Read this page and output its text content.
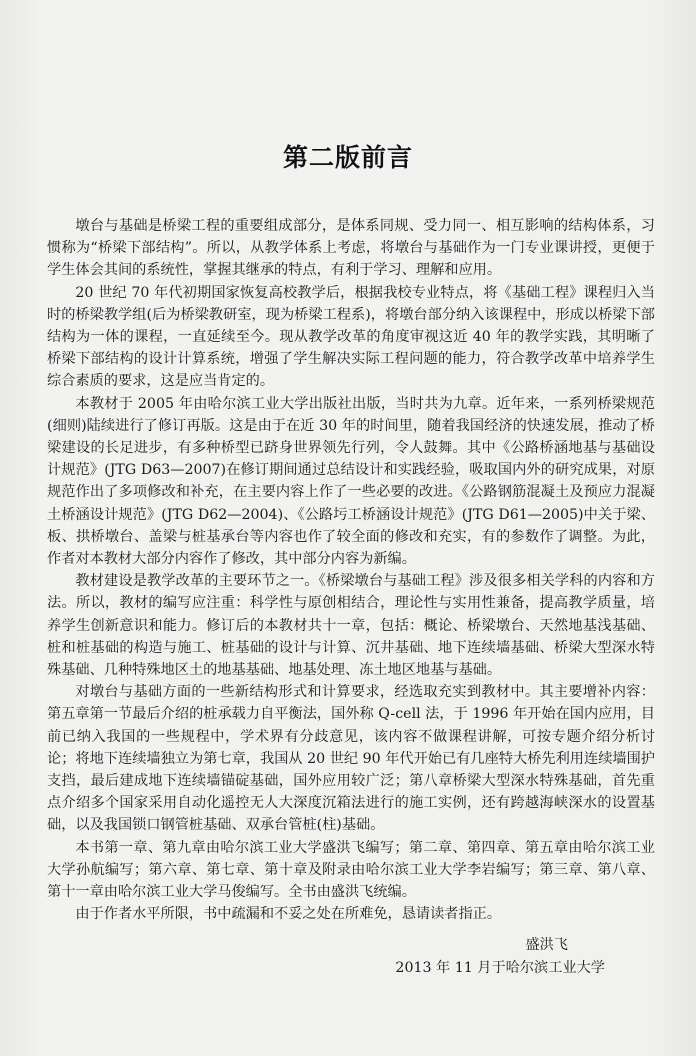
第二版前言

墩台与基础是桥梁工程的重要组成部分，是体系同规、受力同一、相互影响的结构体系，习惯称为“桥梁下部结构”。所以，从教学体系上考虑，将墩台与基础作为一门专业课讲授，更便于学生体会其间的系统性，掌握其继承的特点，有利于学习、理解和应用。

20 世纪 70 年代初期国家恢复高校教学后，根据我校专业特点，将《基础工程》课程归入当时的桥梁教学组(后为桥梁教研室，现为桥梁工程系)，将墩台部分纳入该课程中，形成以桥梁下部结构为一体的课程，一直延续至今。现从教学改革的角度审视这近 40 年的教学实践，其明晰了桥梁下部结构的设计计算系统，增强了学生解决实际工程问题的能力，符合教学改革中培养学生综合素质的要求，这是应当肯定的。

本教材于 2005 年由哈尔滨工业大学出版社出版，当时共为九章。近年来，一系列桥梁规范(细则)陆续进行了修订再版。这是由于在近 30 年的时间里，随着我国经济的快速发展，推动了桥梁建设的长足进步，有多种桥型已跻身世界领先行列，令人鼓舞。其中《公路桥涵地基与基础设计规范》(JTG D63—2007)在修订期间通过总结设计和实践经验，吸取国内外的研究成果，对原规范作出了多项修改和补充，在主要内容上作了一些必要的改进。《公路钢筋混凝土及预应力混凝土桥涵设计规范》(JTG D62—2004)、《公路圬工桥涵设计规范》(JTG D61—2005)中关于梁、板、拱桥墩台、盖梁与桩基承台等内容也作了较全面的修改和充实，有的参数作了调整。为此，作者对本教材大部分内容作了修改，其中部分内容为新编。

教材建设是教学改革的主要环节之一。《桥梁墩台与基础工程》涉及很多相关学科的内容和方法。所以，教材的编写应注重：科学性与原创相结合，理论性与实用性兼备，提高教学质量，培养学生创新意识和能力。修订后的本教材共十一章，包括：概论、桥梁墩台、天然地基浅基础、桩和桩基础的构造与施工、桩基础的设计与计算、沉井基础、地下连续墙基础、桥梁大型深水特殊基础、几种特殊地区土的地基基础、地基处理、冻土地区地基与基础。

对墩台与基础方面的一些新结构形式和计算要求，经选取充实到教材中。其主要增补内容：第五章第一节最后介绍的桩承载力自平衡法，国外称 Q-cell 法，于 1996 年开始在国内应用，目前已纳入我国的一些规程中，学术界有分歧意见，该内容不做课程讲解，可按专题介绍分析讨论；将地下连续墙独立为第七章，我国从 20 世纪 90 年代开始已有几座特大桥先利用连续墙围护支挡，最后建成地下连续墙锚碇基础，国外应用较广泛；第八章桥梁大型深水特殊基础，首先重点介绍多个国家采用自动化遥控无人大深度沉箱法进行的施工实例，还有跨越海峡深水的设置基础，以及我国锁口钢管桩基础、双承台管桩(柱)基础。

本书第一章、第九章由哈尔滨工业大学盛洪飞编写；第二章、第四章、第五章由哈尔滨工业大学孙航编写；第六章、第七章、第十章及附录由哈尔滨工业大学李岩编写；第三章、第八章、第十一章由哈尔滨工业大学马俊编写。全书由盛洪飞统编。

由于作者水平所限，书中疏漏和不妥之处在所难免，恳请读者指正。

盛洪飞
2013 年 11 月于哈尔滨工业大学
